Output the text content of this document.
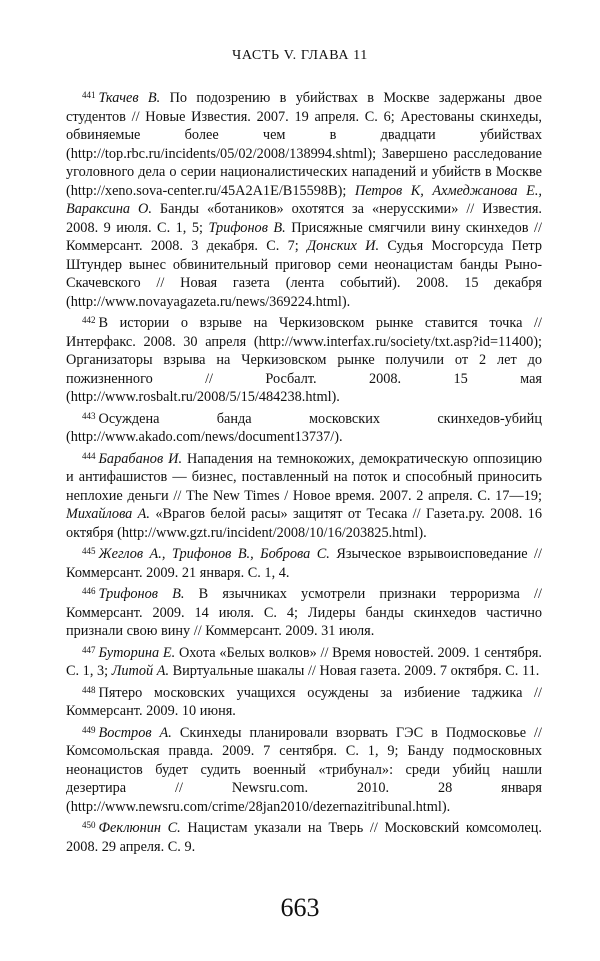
ЧАСТЬ V. ГЛАВА 11

$^{441}$ Ткачев В. По подозрению в убийствах в Москве задержаны двое студентов // Новые Известия. 2007. 19 апреля. С. 6; Арестованы скинхеды, обвиняемые более чем в двадцати убийствах (http://top.rbc.ru/incidents/05/02/2008/138994.shtml); Завершено расследование уголовного дела о серии националистических нападений и убийств в Москве (http://xeno.sova-center.ru/45A2A1E/B15598B); Петров К, Ахмеджанова Е., Вараксина О. Банды «ботаников» охотятся за «нерусскими» // Известия. 2008. 9 июля. С. 1, 5; Трифонов В. Присяжные смягчили вину скинхедов // Коммерсант. 2008. 3 декабря. С. 7; Донских И. Судья Мосгорсуда Петр Штундер вынес обвинительный приговор семи неонацистам банды Рыно-Скачевского // Новая газета (лента событий). 2008. 15 декабря (http://www.novayagazeta.ru/news/369224.html).

$^{442}$ В истории о взрыве на Черкизовском рынке ставится точка // Интерфакс. 2008. 30 апреля (http://www.interfax.ru/society/txt.asp?id=11400); Организаторы взрыва на Черкизовском рынке получили от 2 лет до пожизненного // Росбалт. 2008. 15 мая (http://www.rosbalt.ru/2008/5/15/484238.html).

$^{443}$ Осуждена банда московских скинхедов-убийц (http://www.akado.com/news/document13737/).

$^{444}$ Барабанов И. Нападения на темнокожих, демократическую оппозицию и антифашистов — бизнес, поставленный на поток и способный приносить неплохие деньги // The New Times / Новое время. 2007. 2 апреля. С. 17—19; Михайлова А. «Врагов белой расы» защитят от Тесака // Газета.ру. 2008. 16 октября (http://www.gzt.ru/incident/2008/10/16/203825.html).

$^{445}$ Жеглов А., Трифонов В., Боброва С. Языческое взрывоисповедание // Коммерсант. 2009. 21 января. С. 1, 4.

$^{446}$ Трифонов В. В язычниках усмотрели признаки терроризма // Коммерсант. 2009. 14 июля. С. 4; Лидеры банды скинхедов частично признали свою вину // Коммерсант. 2009. 31 июля.

$^{447}$ Буторина Е. Охота «Белых волков» // Время новостей. 2009. 1 сентября. С. 1, 3; Литой А. Виртуальные шакалы // Новая газета. 2009. 7 октября. С. 11.

$^{448}$ Пятеро московских учащихся осуждены за избиение таджика // Коммерсант. 2009. 10 июня.

$^{449}$ Востров А. Скинхеды планировали взорвать ГЭС в Подмосковье // Комсомольская правда. 2009. 7 сентября. С. 1, 9; Банду подмосковных неонацистов будет судить военный «трибунал»: среди убийц нашли дезертира // Newsru.com. 2010. 28 января (http://www.newsru.com/crime/28jan2010/dezernazitribunal.html).

$^{450}$ Феклюнин С. Нацистам указали на Тверь // Московский комсомолец. 2008. 29 апреля. С. 9.

663
